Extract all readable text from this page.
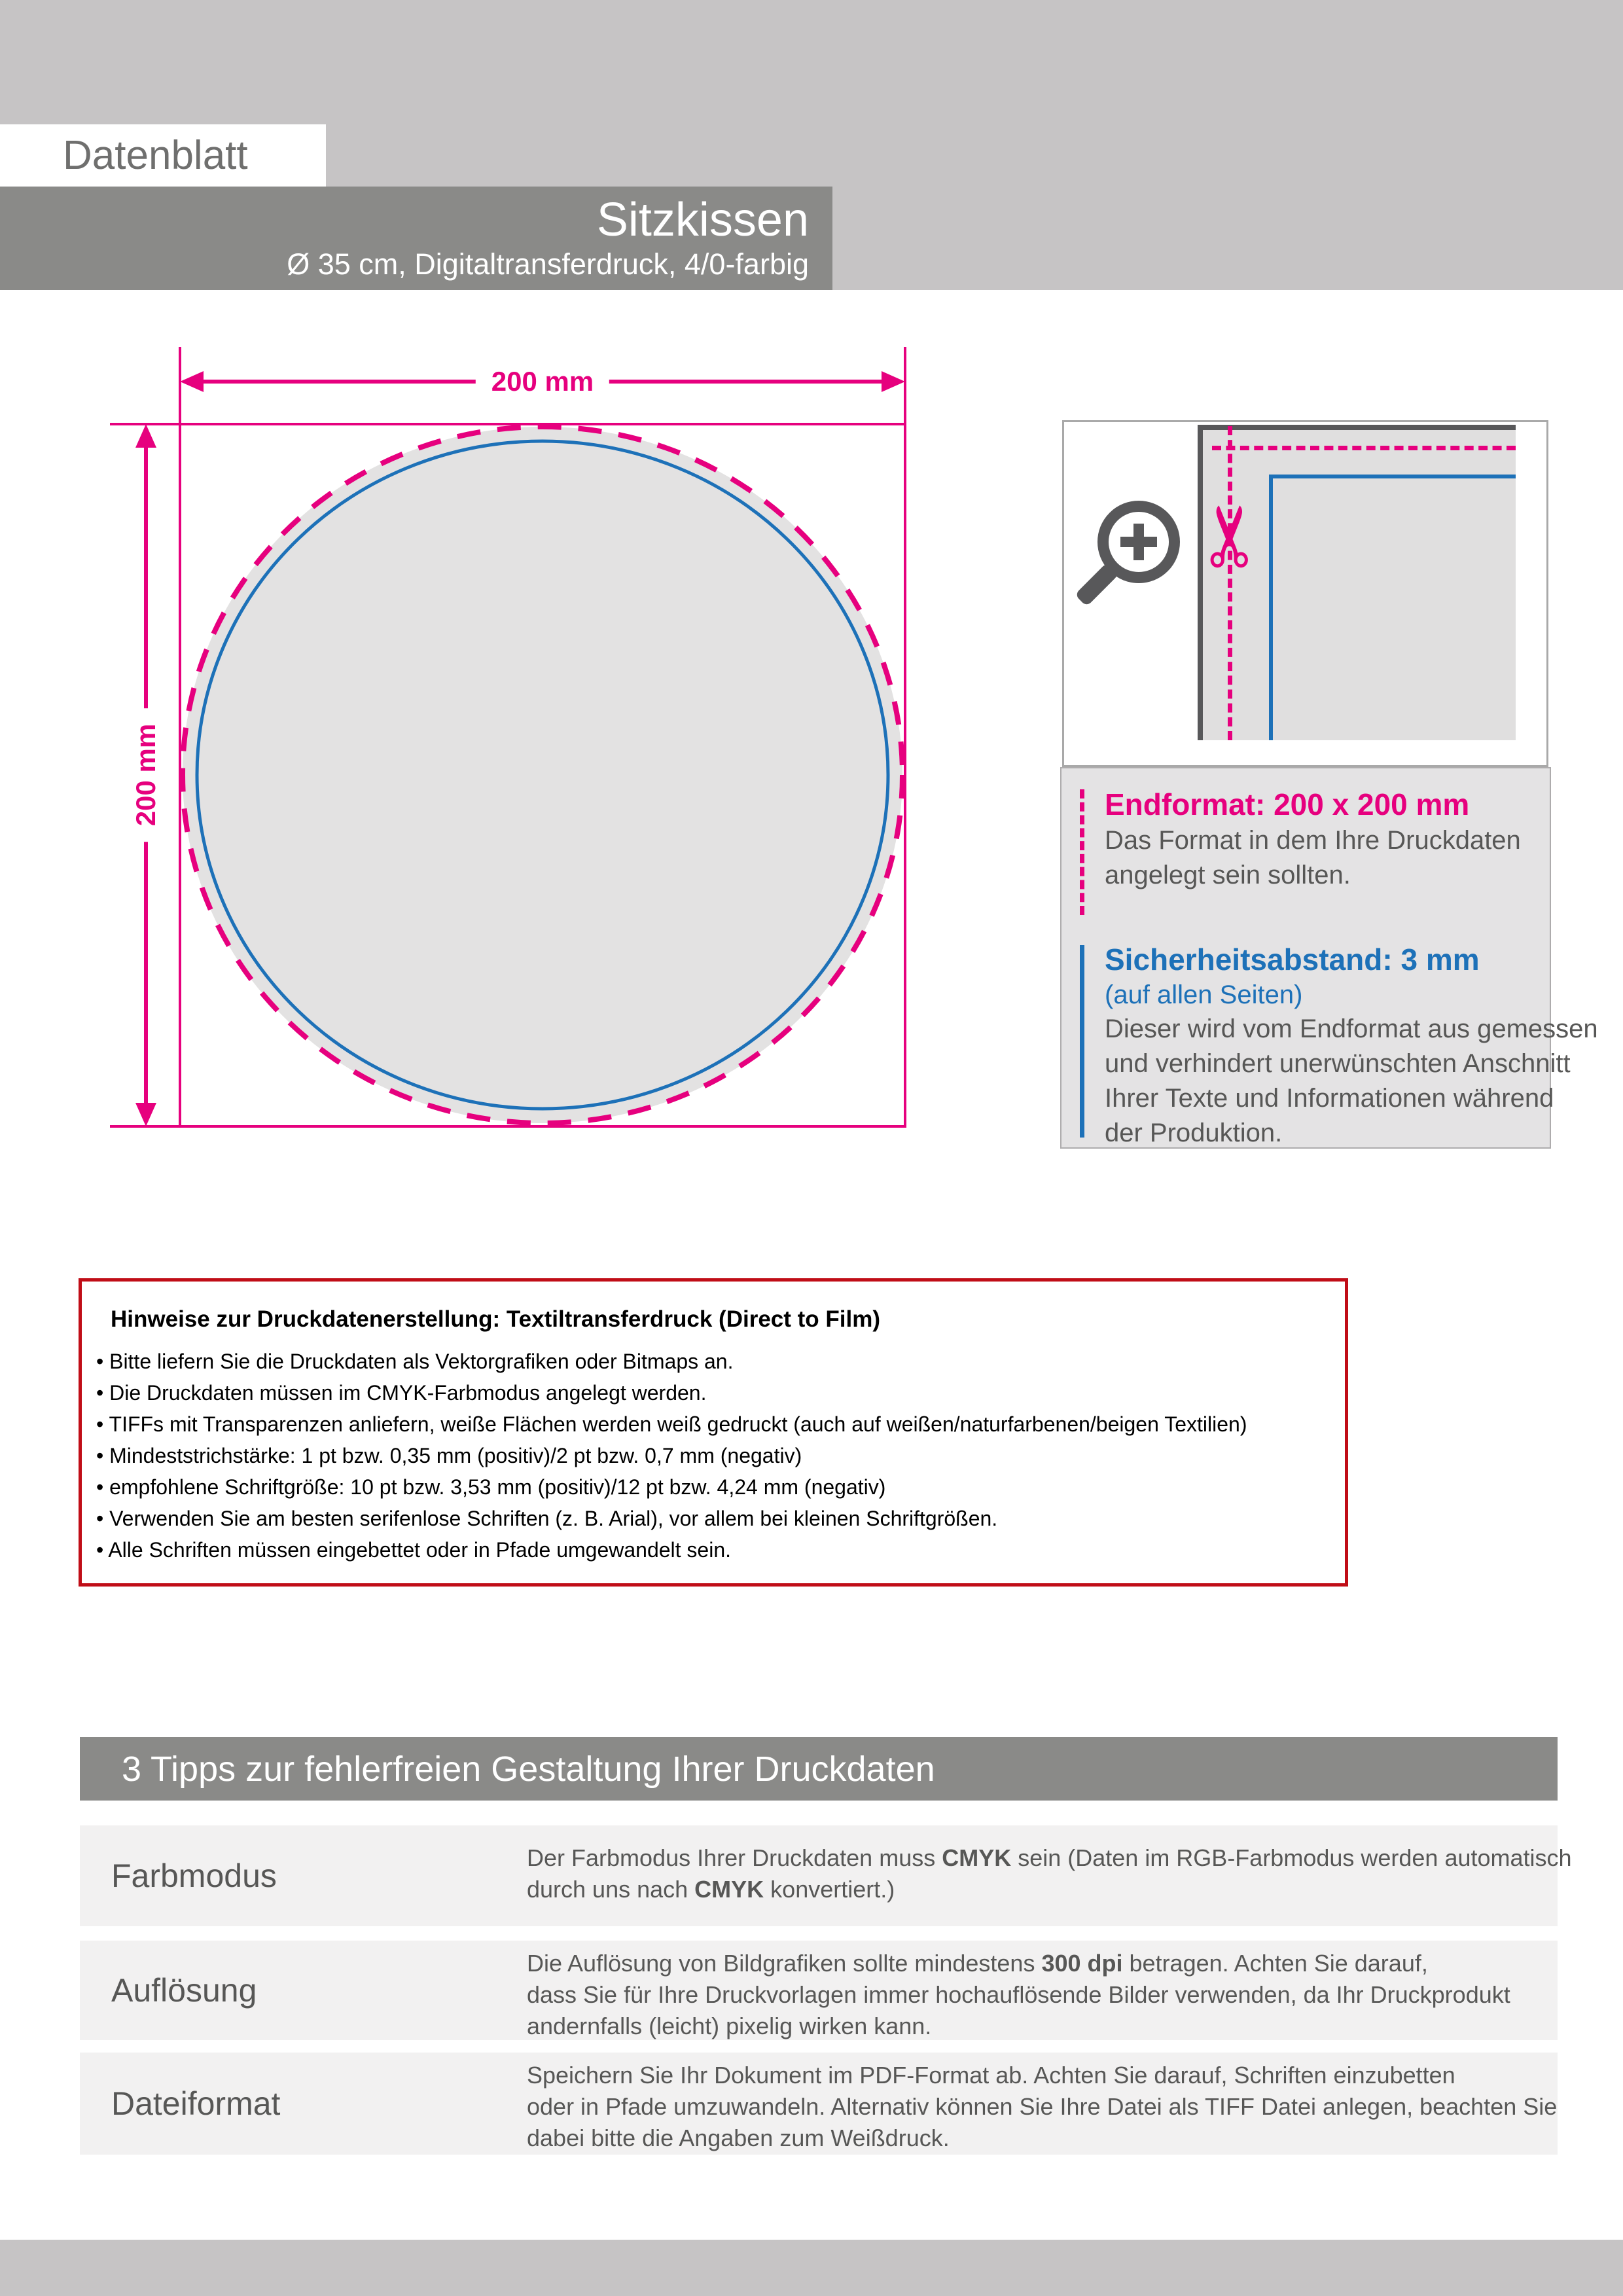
Sitzkissen
Ø 35 cm, Digitaltransferdruck, 4/0-farbig
Datenblatt
200 mm
200 mm
✂
Endformat: 200 x 200 mm
Das Format in dem Ihre Druckdaten
angelegt sein sollten.
Sicherheitsabstand: 3 mm
(auf allen Seiten)
Dieser wird vom Endformat aus gemessen
und verhindert unerwünschten Anschnitt
Ihrer Texte und Informationen während
der Produktion.
Hinweise zur Druckdatenerstellung: Textiltransferdruck (Direct to Film)
• Bitte liefern Sie die Druckdaten als Vektorgrafiken oder Bitmaps an.
• Die Druckdaten müssen im CMYK-Farbmodus angelegt werden.
• TIFFs mit Transparenzen anliefern, weiße Flächen werden weiß gedruckt (auch auf weißen/naturfarbenen/beigen Textilien)
• Mindeststrichstärke: 1 pt bzw. 0,35 mm (positiv)/2 pt bzw. 0,7 mm (negativ)
• empfohlene Schriftgröße: 10 pt bzw. 3,53 mm (positiv)/12 pt bzw. 4,24 mm (negativ)
• Verwenden Sie am besten serifenlose Schriften (z. B. Arial), vor allem bei kleinen Schriftgrößen.
• Alle Schriften müssen eingebettet oder in Pfade umgewandelt sein.
3 Tipps zur fehlerfreien Gestaltung Ihrer Druckdaten
Farbmodus	Der Farbmodus Ihrer Druckdaten muss CMYK sein (Daten im RGB-Farbmodus werden automatisch
durch uns nach CMYK konvertiert.)
Auflösung
Die Auflösung von Bildgrafiken sollte mindestens 300 dpi betragen. Achten Sie darauf,
dass Sie für Ihre Druckvorlagen immer hochauflösende Bilder verwenden, da Ihr Druckprodukt
andernfalls (leicht) pixelig wirken kann.
Dateiformat
Speichern Sie Ihr Dokument im PDF-Format ab. Achten Sie darauf, Schriften einzubetten
oder in Pfade umzuwandeln. Alternativ können Sie Ihre Datei als TIFF Datei anlegen, beachten Sie
dabei bitte die Angaben zum Weißdruck.
